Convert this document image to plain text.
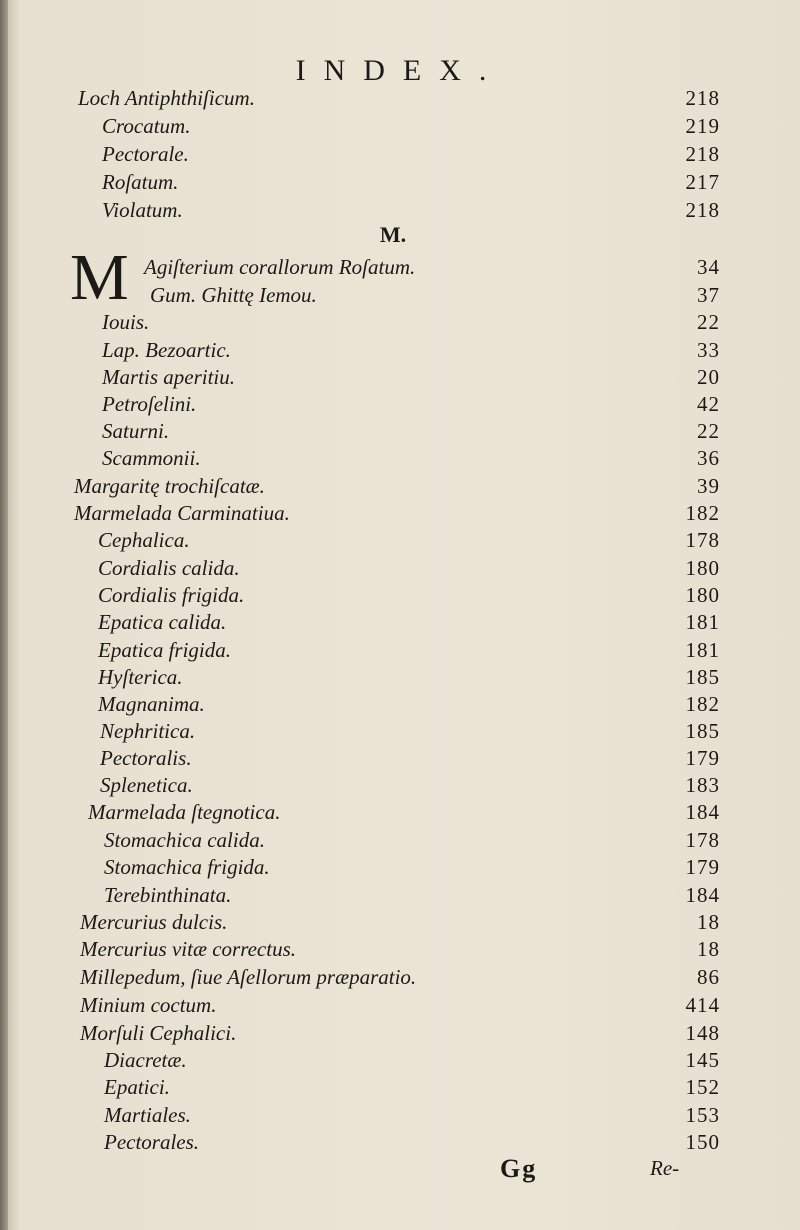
INDEX.
M.
M
Loch Antiphthiſicum.	218
Crocatum.	219
Pectorale.	218
Roſatum.	217
Violatum.	218
Agiſterium corallorum Roſatum.	34
Gum. Ghittę Iemou.	37
Iouis.	22
Lap. Bezoartic.	33
Martis aperitiu.	20
Petroſelini.	42
Saturni.	22
Scammonii.	36
Margaritę trochiſcatæ.	39
Marmelada Carminatiua.	182
Cephalica.	178
Cordialis calida.	180
Cordialis frigida.	180
Epatica calida.	181
Epatica frigida.	181
Hyſterica.	185
Magnanima.	182
Nephritica.	185
Pectoralis.	179
Splenetica.	183
Marmelada ſtegnotica.	184
Stomachica calida.	178
Stomachica frigida.	179
Terebinthinata.	184
Mercurius dulcis.	18
Mercurius vitæ correctus.	18
Millepedum, ſiue Aſellorum præparatio.	86
Minium coctum.	414
Morſuli Cephalici.	148
Diacretæ.	145
Epatici.	152
Martiales.	153
Pectorales.	150
Gg	Re-
